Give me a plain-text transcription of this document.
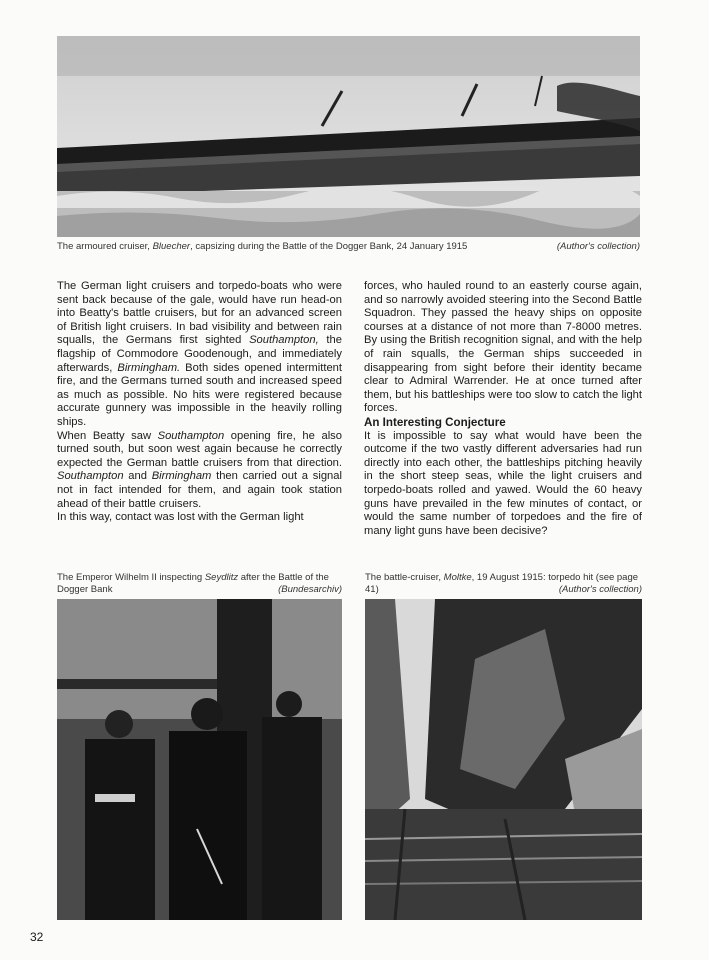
The armoured cruiser, Bluecher, capsizing during the Battle of the Dogger Bank, 24 January 1915	(Author's collection)

The German light cruisers and torpedo-boats who were sent back because of the gale, would have run head-on into Beatty's battle cruisers, but for an advanced screen of British light cruisers. In bad visibility and between rain squalls, the Germans first sighted Southampton, the flagship of Commodore Goodenough, and immediately afterwards, Birmingham. Both sides opened intermittent fire, and the Germans turned south and increased speed as much as possible. No hits were registered because accurate gunnery was impossible in the heavily rolling ships.

When Beatty saw Southampton opening fire, he also turned south, but soon west again because he correctly expected the German battle cruisers from that direction. Southampton and Birmingham then carried out a signal not in fact intended for them, and again took station ahead of their battle cruisers.

In this way, contact was lost with the German light

forces, who hauled round to an easterly course again, and so narrowly avoided steering into the Second Battle Squadron. They passed the heavy ships on opposite courses at a distance of not more than 7-8000 metres. By using the British recognition signal, and with the help of rain squalls, the German ships succeeded in disappearing from sight before their identity became clear to Admiral Warrender. He at once turned after them, but his battleships were too slow to catch the light forces.

An Interesting Conjecture

It is impossible to say what would have been the outcome if the two vastly different adversaries had run directly into each other, the battleships pitching heavily in the short steep seas, while the light cruisers and torpedo-boats rolled and yawed. Would the 60 heavy guns have prevailed in the few minutes of contact, or would the same number of torpedoes and the fire of many light guns have been decisive?

The Emperor Wilhelm II inspecting Seydlitz after the Battle of the Dogger Bank	(Bundesarchiv)
The battle-cruiser, Moltke, 19 August 1915: torpedo hit (see page 41)	(Author's collection)
32
